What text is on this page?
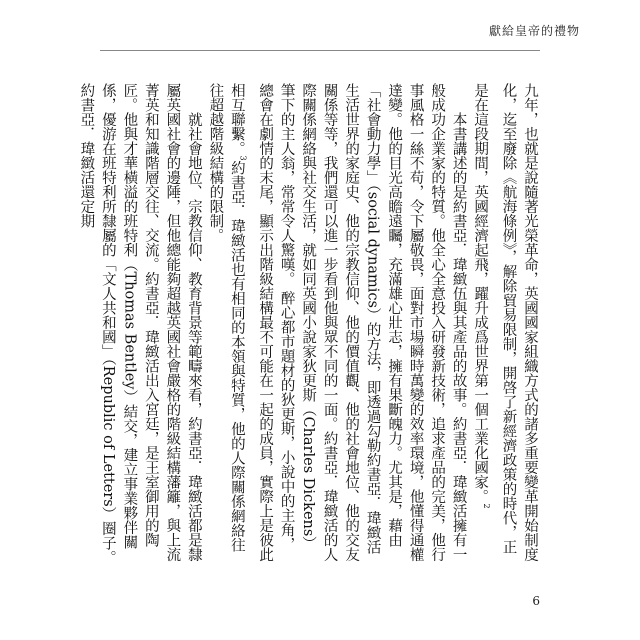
獻給皇帝的禮物

九年，也就是說隨著光榮革命，英國國家組織方式的諸多重要變革開始制度化，迄至廢除《航海條例》，解除貿易限制，開啓了新經濟政策的時代，正是在這段期間，英國經濟起飛，躍升成爲世界第一個工業化國家。$^2$

本書講述的是約書亞．瑋緻伍與其產品的故事。約書亞．瑋緻活擁有一般成功企業家的特質。他全心全意投入研發新技術，追求產品的完美，他行事風格一絲不苟，令下屬敬畏，面對市場瞬時萬變的效率環境，他懂得通權達變。他的目光高瞻遠矚，充滿雄心壯志，擁有果斷魄力。尤其是，藉由「社會動力學」（social dynamics）的方法，即透過勾勒約書亞．瑋緻活生活世界的家庭史、他的宗教信仰、他的價值觀、他的社會地位、他的交友關係等等，我們還可以進一步看到他與眾不同的一面。約書亞．瑋緻活的人際關係網絡與社交生活，就如同英國小說家狄更斯（Charles Dickens）筆下的主人翁，常常令人驚嘆。 醉心都市題材的狄更斯，小說中的主角，總會在劇情的末尾，顯示出階級結構最不可能在一起的成員，實際上是彼此相互聯繫。$^3$約書亞．瑋緻活也有相同的本領與特質，他的人際關係網絡往往超越階級結構的限制。

就社會地位、宗教信仰、教育背景等範疇來看，約書亞．瑋緻活都是隸屬英國社會的邊陲，但他總能夠超越英國社會嚴格的階級結構藩籬，與上流菁英和知識階層交往、交流。約書亞．瑋緻活出入宮廷，是王室御用的陶匠。他與才華橫溢的班特利（Thomas Bentley）結交，建立事業夥伴關係，優游在班特利所隸屬的「文人共和國」（Republic of Letters）圈子。約書亞．瑋緻活還定期

6
